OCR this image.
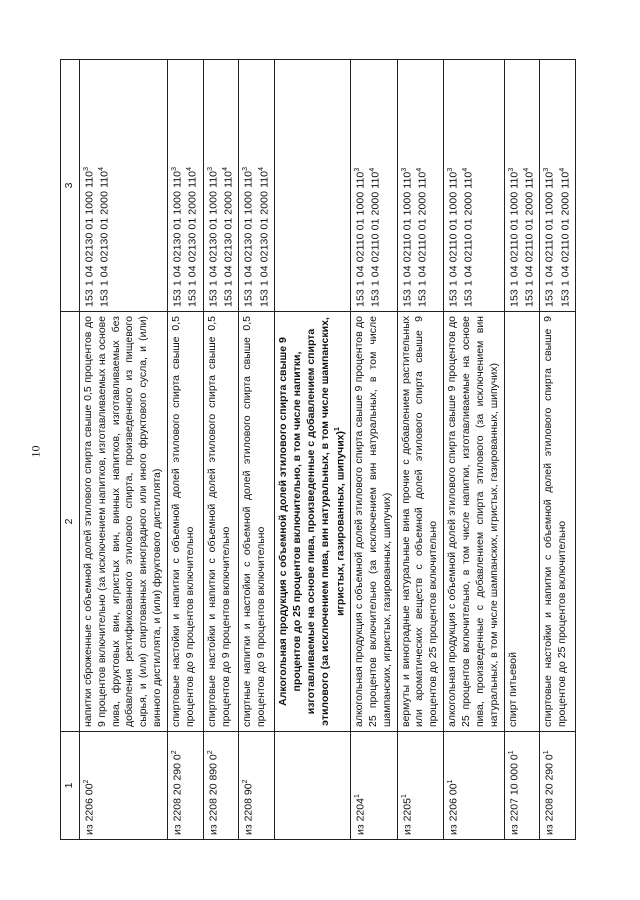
10
1	2	3
из 2206 $00^2$	напитки сброженные с объемной долей этилового спирта свыше 0,5 процентов до 9 процентов включительно (за исключением напитков, изготавливаемых на основе пива, фруктовых вин, игристых вин, винных напитков, изготавливаемых без добавления ректификованного этилового спирта, произведенного из пищевого сырья, и (или) спиртованных виноградного или иного фруктового сусла, и (или) винного дистиллята, и (или) фруктового дистиллята)	153 1 04 02130 01 1000 $110^3$
153 1 04 02130 01 2000 $110^4$

из 2208 20 290 $0^2$	спиртовые настойки и напитки с объемной долей этилового спирта свыше 0,5 процентов до 9 процентов включительно	153 1 04 02130 01 1000 $110^3$
153 1 04 02130 01 2000 $110^4$

из 2208 20 890 $0^2$	спиртовые настойки и напитки с объемной долей этилового спирта свыше 0,5 процентов до 9 процентов включительно	153 1 04 02130 01 1000 $110^3$
153 1 04 02130 01 2000 $110^4$

из 2208 $90^2$	спиртные напитки и настойки с объемной долей этилового спирта свыше 0,5 процентов до 9 процентов включительно	153 1 04 02130 01 1000 $110^3$
153 1 04 02130 01 2000 $110^4$

	Алкогольная продукция с объемной долей этилового спирта свыше 9 процентов до 25 процентов включительно, в том числе напитки, изготавливаемые на основе пива, произведенные с добавлением спирта этилового (за исключением пива, вин натуральных, в том числе шампанских, игристых, газированных, шипучих)$^1$	
из 2204$^1$	алкогольная продукция с объемной долей этилового спирта свыше 9 процентов до 25 процентов включительно (за исключением вин натуральных, в том числе шампанских, игристых, газированных, шипучих)	153 1 04 02110 01 1000 $110^3$
153 1 04 02110 01 2000 $110^4$

из 2205$^1$	вермуты и виноградные натуральные вина прочие с добавлением растительных или ароматических веществ с объемной долей этилового спирта свыше 9 процентов до 25 процентов включительно	153 1 04 02110 01 1000 $110^3$
153 1 04 02110 01 2000 $110^4$

из 2206 $00^1$	алкогольная продукция с объемной долей этилового спирта свыше 9 процентов до 25 процентов включительно, в том числе напитки, изготавливаемые на основе пива, произведенные с добавлением спирта этилового (за исключением вин натуральных, в том числе шампанских, игристых, газированных, шипучих)	153 1 04 02110 01 1000 $110^3$
153 1 04 02110 01 2000 $110^4$

из 2207 10 000 $0^1$	спирт питьевой	153 1 04 02110 01 1000 $110^3$
153 1 04 02110 01 2000 $110^4$

из 2208 20 290 $0^1$	спиртовые настойки и напитки с объемной долей этилового спирта свыше 9 процентов до 25 процентов включительно	153 1 04 02110 01 1000 $110^3$
153 1 04 02110 01 2000 $110^4$
